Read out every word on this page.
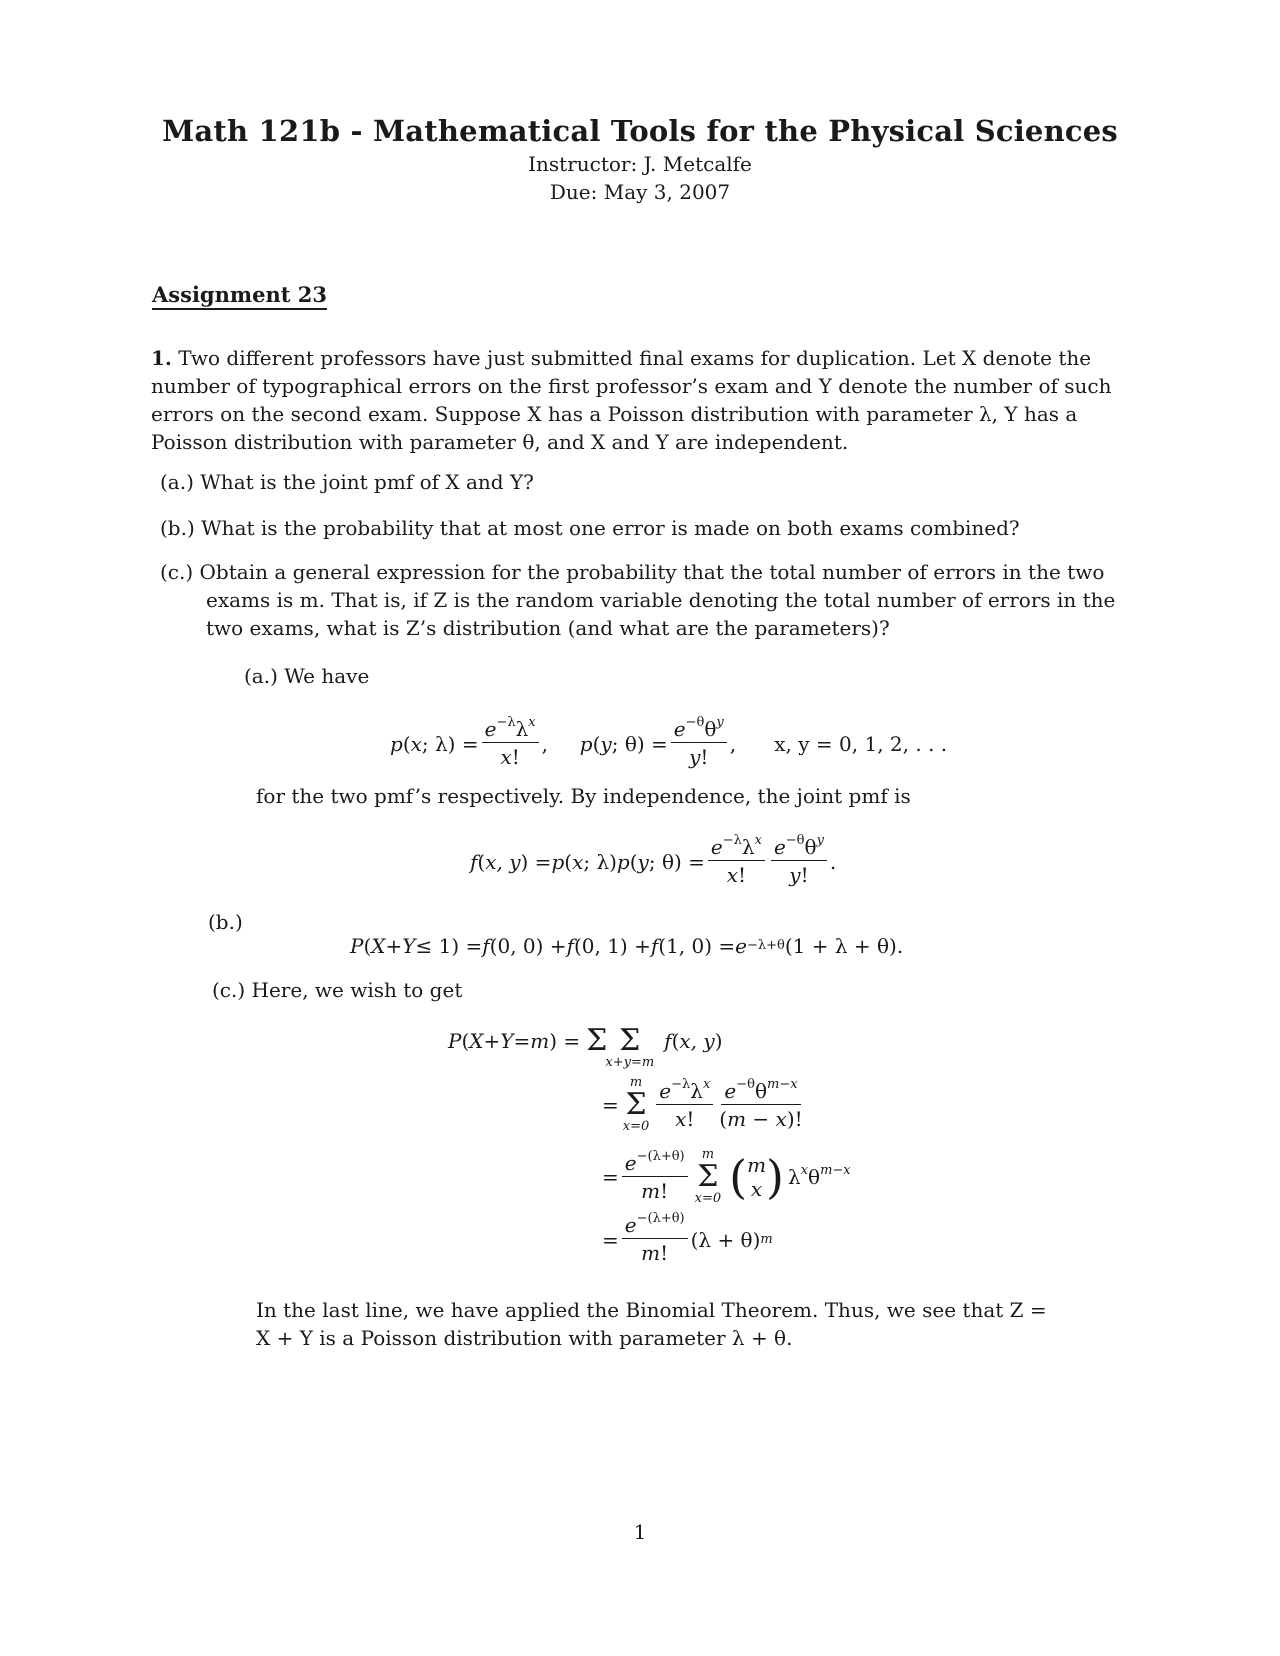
Math 121b - Mathematical Tools for the Physical Sciences
Instructor: J. Metcalfe
Due: May 3, 2007
Assignment 23
1. Two different professors have just submitted final exams for duplication. Let X denote the
number of typographical errors on the first professor’s exam and Y denote the number of such
errors on the second exam. Suppose X has a Poisson distribution with parameter λ, Y has a
Poisson distribution with parameter θ, and X and Y are independent.
(a.) What is the joint pmf of X and Y?
(b.) What is the probability that at most one error is made on both exams combined?
(c.) Obtain a general expression for the probability that the total number of errors in the two
exams is m. That is, if Z is the random variable denoting the total number of errors in the
two exams, what is Z’s distribution (and what are the parameters)?
(a.) We have
p ( x ; $\lambda) = \frac{e^{-\lambda}\lambda^x}{x!}$ , p ( y ; $\theta) = \frac{e^{-\theta}\theta^y}{y!}$ , x, y = 0, 1, 2, . . .
for the two pmf’s respectively. By independence, the joint pmf is
f ( x, y ) = p ( x ; λ) p ( y ; $\theta) = \frac{e^{-\lambda}\lambda^x}{x!} \frac{e^{-\theta}\theta^y}{y!}$ .
(b.)
P ( X + Y ≤ 1) = f (0, 0) + f (0, 1) + f (1, 0) = e −λ+θ (1 + λ + θ).
(c.) Here, we wish to get
P ( X + Y = m ) =
Σ

Σ
x+y=m
f(x, y)
=
m
Σ
$x=0 \frac{e^{-\lambda}\lambda^x}{x!} \frac{e^{-\theta}\theta^{m-x}}{(m - x)!}$
= $\frac{e^{-(\lambda+\theta)}}{m!}$ m
Σ
x=0 ( m
x ) $\lambda^x\theta^{m-x}$
= $\frac{e^{-(\lambda+\theta)}}{m!} (\lambda + \theta)$ m
In the last line, we have applied the Binomial Theorem. Thus, we see that Z =
X + Y is a Poisson distribution with parameter λ + θ.
1
